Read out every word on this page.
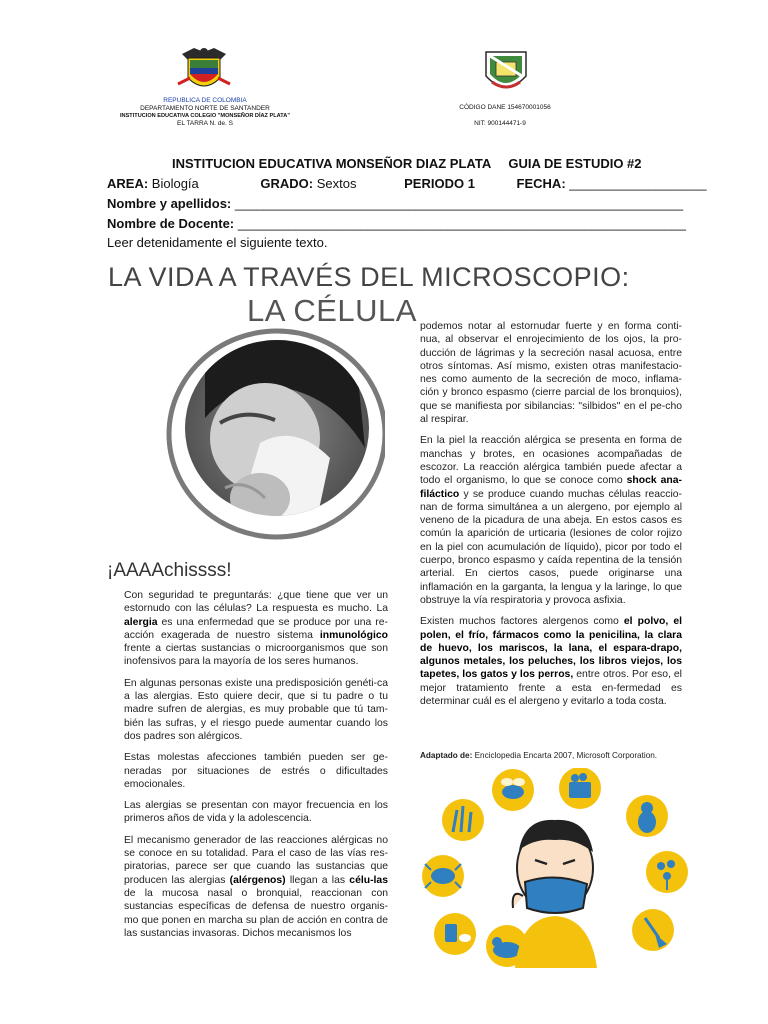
REPUBLICA DE COLOMBIA
DEPARTAMENTO NORTE DE SANTANDER
INSTITUCION EDUCATIVA COLEGIO "MONSEÑOR DÍAZ PLATA"
EL TARRA N. de. S
CÓDIGO DANE 154670001056
NIT: 900144471-9
INSTITUCION EDUCATIVA MONSEÑOR DIAZ PLATA GUIA DE ESTUDIO #2
AREA: Biología	GRADO: Sextos	PERIODO 1	FECHA: ___________________
Nombre y apellidos: ______________________________________________________________
Nombre de Docente: ______________________________________________________________
Leer detenidamente el siguiente texto.
LA VIDA A TRAVÉS DEL MICROSCOPIO:
LA CÉLULA
¡AAAAchissss!

Con seguridad te preguntarás: ¿que tiene que ver un estornudo con las células? La respuesta es mucho. La alergia es una enfermedad que se produce por una re-acción exagerada de nuestro sistema inmunológico frente a ciertas sustancias o microorganismos que son inofensivos para la mayoría de los seres humanos.

En algunas personas existe una predisposición genéti-ca a las alergias. Esto quiere decir, que si tu padre o tu madre sufren de alergias, es muy probable que tú tam-bién las sufras, y el riesgo puede aumentar cuando los dos padres son alérgicos.

Estas molestas afecciones también pueden ser ge-neradas por situaciones de estrés o dificultades emocionales.

Las alergias se presentan con mayor frecuencia en los primeros años de vida y la adolescencia.

El mecanismo generador de las reacciones alérgicas no se conoce en su totalidad. Para el caso de las vías res-piratorias, parece ser que cuando las sustancias que producen las alergias (alérgenos) llegan a las célu-las de la mucosa nasal o bronquial, reaccionan con sustancias específicas de defensa de nuestro organis-mo que ponen en marcha su plan de acción en contra de las sustancias invasoras. Dichos mecanismos los

podemos notar al estornudar fuerte y en forma conti-nua, al observar el enrojecimiento de los ojos, la pro-ducción de lágrimas y la secreción nasal acuosa, entre otros síntomas. Así mismo, existen otras manifestacio-nes como aumento de la secreción de moco, inflama-ción y bronco espasmo (cierre parcial de los bronquios), que se manifiesta por sibilancias: "silbidos" en el pe-cho al respirar.

En la piel la reacción alérgica se presenta en forma de manchas y brotes, en ocasiones acompañadas de escozor. La reacción alérgica también puede afectar a todo el organismo, lo que se conoce como shock ana-filáctico y se produce cuando muchas células reaccio-nan de forma simultánea a un alergeno, por ejemplo al veneno de la picadura de una abeja. En estos casos es común la aparición de urticaria (lesiones de color rojizo en la piel con acumulación de líquido), picor por todo el cuerpo, bronco espasmo y caída repentina de la tensión arterial. En ciertos casos, puede originarse una inflamación en la garganta, la lengua y la laringe, lo que obstruye la vía respiratoria y provoca asfixia.

Existen muchos factores alergenos como el polvo, el polen, el frío, fármacos como la penicilina, la clara de huevo, los mariscos, la lana, el espara-drapo, algunos metales, los peluches, los libros viejos, los tapetes, los gatos y los perros, entre otros. Por eso, el mejor tratamiento frente a esta en-fermedad es determinar cuál es el alergeno y evitarlo a toda costa.

Adaptado de: Enciclopedia Encarta 2007, Microsoft Corporation.
